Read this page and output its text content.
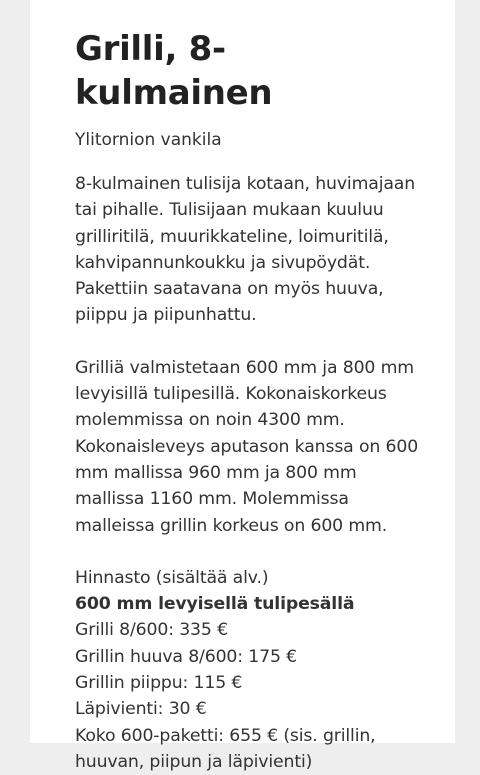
Grilli, 8-kulmainen
Ylitornion vankila

8-kulmainen tulisija kotaan, huvimajaan tai pihalle. Tulisijaan mukaan kuuluu grilliritilä, muurikkateline, loimuritilä, kahvipannunkoukku ja sivupöydät. Pakettiin saatavana on myös huuva, piippu ja piipunhattu.

Grilliä valmistetaan 600 mm ja 800 mm levyisillä tulipesillä. Kokonaiskorkeus molemmissa on noin 4300 mm. Kokonaisleveys aputason kanssa on 600 mm mallissa 960 mm ja 800 mm mallissa 1160 mm. Molemmissa malleissa grillin korkeus on 600 mm.

Hinnasto (sisältää alv.)

600 mm levyisellä tulipesällä

Grilli 8/600: 335 €

Grillin huuva 8/600: 175 €

Grillin piippu: 115 €

Läpivienti: 30 €

Koko 600-paketti: 655 € (sis. grillin, huuvan, piipun ja läpivienti)
